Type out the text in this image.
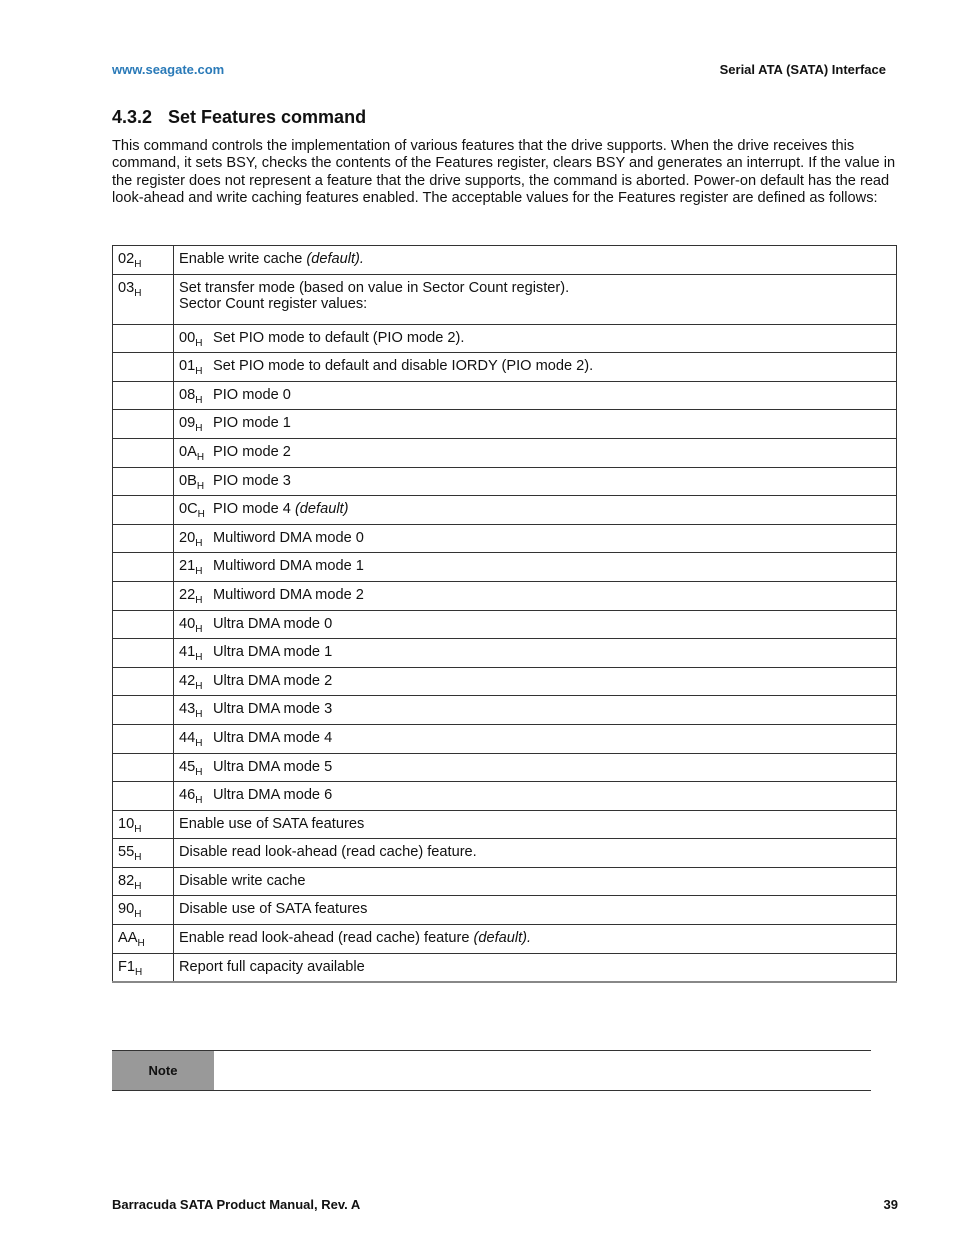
www.seagate.com	Serial ATA (SATA) Interface
4.3.2 Set Features command

This command controls the implementation of various features that the drive supports. When the drive receives this command, it sets BSY, checks the contents of the Features register, clears BSY and generates an interrupt. If the value in the register does not represent a feature that the drive supports, the command is aborted. Power-on default has the read look-ahead and write caching features enabled. The acceptable values for the Features register are defined as follows:

$02_H$	Enable write cache (default).
$03_H$	Set transfer mode (based on value in Sector Count register).
Sector Count register values:

	$00_H$ Set PIO mode to default (PIO mode 2).
	$01_H$ Set PIO mode to default and disable IORDY (PIO mode 2).
	$08_H$ PIO mode 0
	$09_H$ PIO mode 1
	$0A_H$ PIO mode 2
	$0B_H$ PIO mode 3
	$0C_H$ PIO mode 4 (default)
	$20_H$ Multiword DMA mode 0
	$21_H$ Multiword DMA mode 1
	$22_H$ Multiword DMA mode 2
	$40_H$ Ultra DMA mode 0
	$41_H$ Ultra DMA mode 1
	$42_H$ Ultra DMA mode 2
	$43_H$ Ultra DMA mode 3
	$44_H$ Ultra DMA mode 4
	$45_H$ Ultra DMA mode 5
	$46_H$ Ultra DMA mode 6
$10_H$	Enable use of SATA features
$55_H$	Disable read look-ahead (read cache) feature.
$82_H$	Disable write cache
$90_H$	Disable use of SATA features
$AA_H$	Enable read look-ahead (read cache) feature (default).
$F1_H$	Report full capacity available
Note
Barracuda SATA Product Manual, Rev. A	39
